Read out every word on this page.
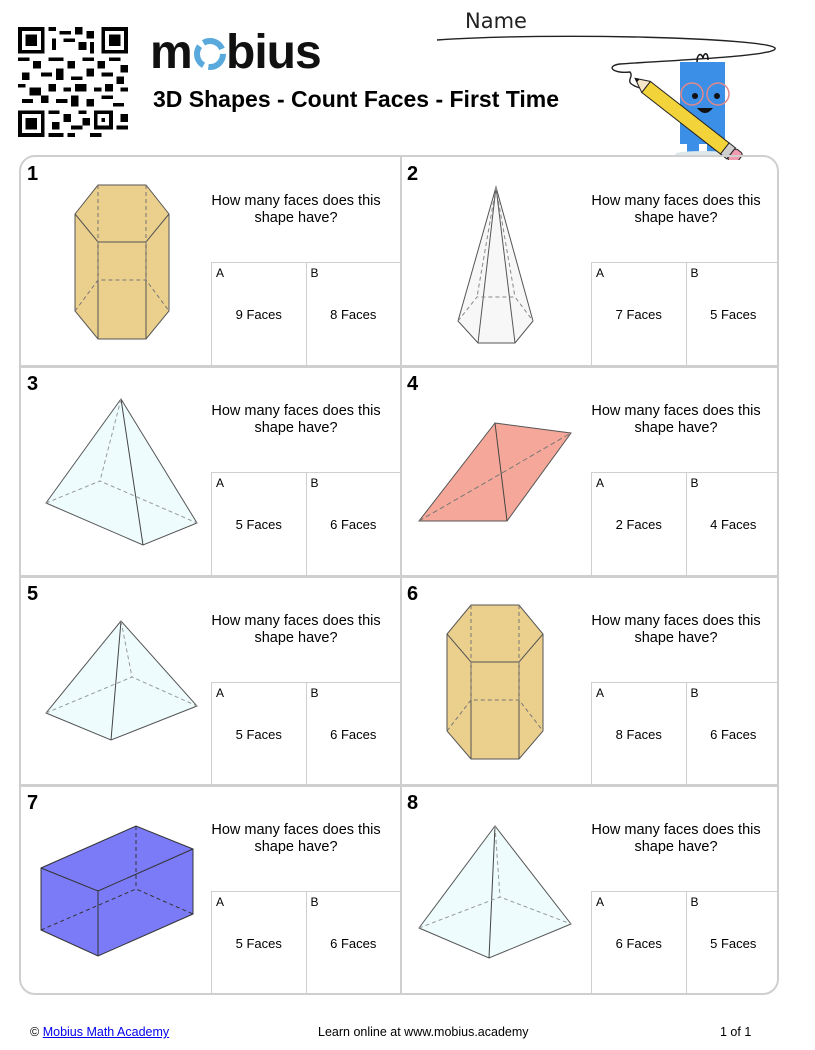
m bius
3D Shapes - Count Faces - First Time
Name
1
How many faces does this shape have?
A
9 Faces
B
8 Faces
2
How many faces does this shape have?
A
7 Faces
B
5 Faces
3
How many faces does this shape have?
A
5 Faces
B
6 Faces
4
How many faces does this shape have?
A
2 Faces
B
4 Faces
5
How many faces does this shape have?
A
5 Faces
B
6 Faces
6
How many faces does this shape have?
A
8 Faces
B
6 Faces
7
How many faces does this shape have?
A
5 Faces
B
6 Faces
8
How many faces does this shape have?
A
6 Faces
B
5 Faces
© Mobius Math Academy	Learn online at www.mobius.academy	1 of 1
